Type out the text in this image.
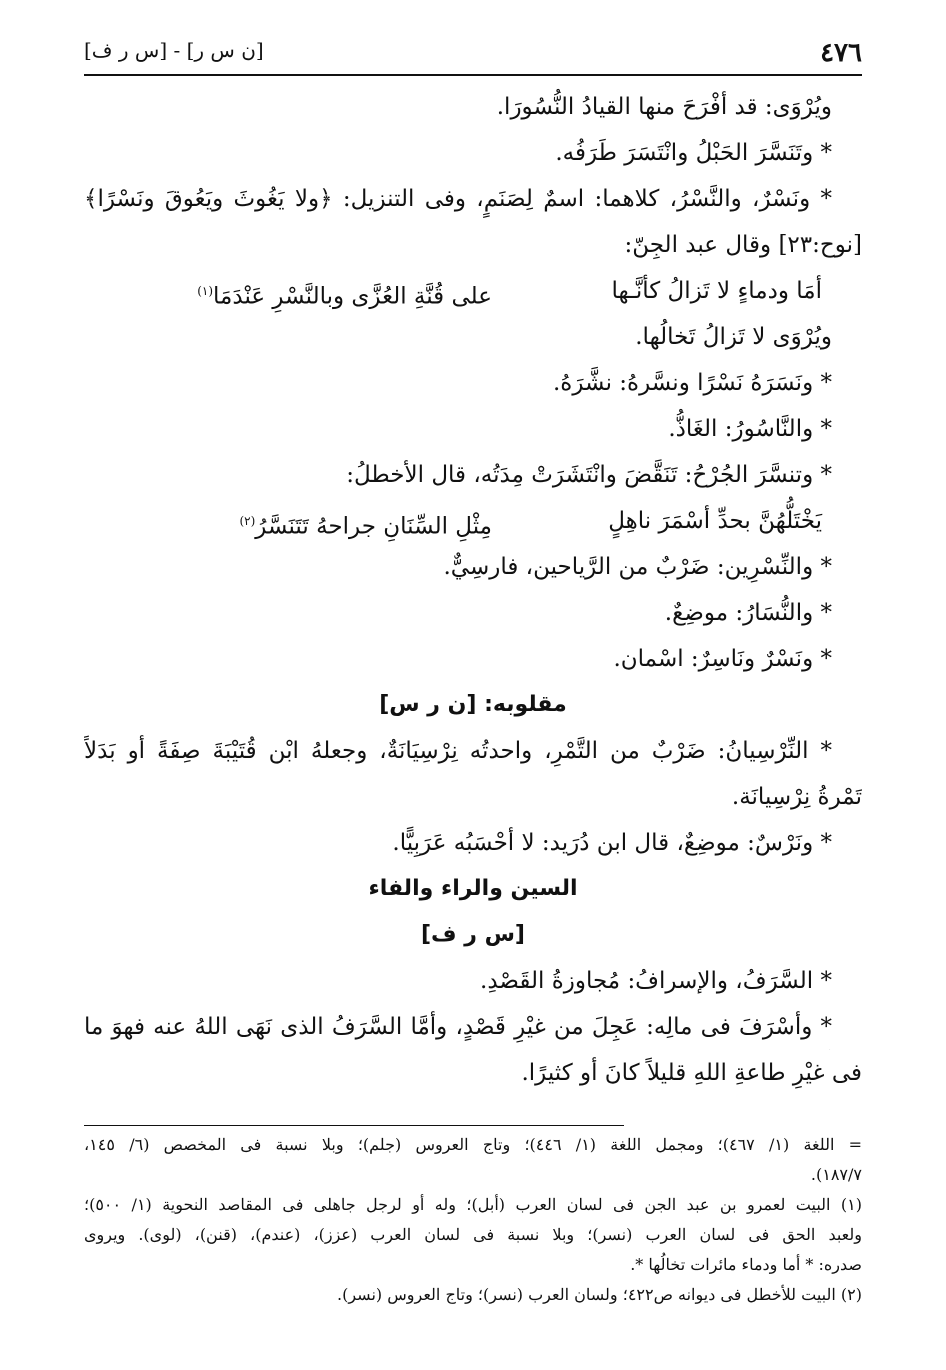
٤٧٦
[ن س ر] - [س ر ف]
ويُرْوَى: قد أفْرَحَ منها القيادُ النُّسُورَا.
* وتَنَسَّرَ الحَبْلُ وانْتَسَرَ طَرَفُه.
* ونَسْرٌ، والنَّسْرُ، كلاهما: اسمٌ لِصَنَمٍ، وفى التنزيل: ﴿ولا يَغُوثَ ويَعُوقَ ونَسْرًا﴾
[نوح:٢٣] وقال عبد الجِنّ:
أمَا ودماءٍ لا تَزالُ كأنَّـها
على قُنَّةِ العُزَّى وبالنَّسْرِ عَنْدَمَا$^{(١)}$
ويُرْوَى لا تَزالُ تَخالُها.
* ونَسَرَهُ نَسْرًا ونسَّرهُ: نشَّرَهُ.
* والنَّاسُورُ: الغَاذُّ.
* وتنسَّرَ الجُرْحُ: تَنَقَّضَ وانْتَشَرَتْ مِدَتُه، قال الأخطلُ:
يَخْتَلُّهُنَّ بحدِّ أسْمَرَ ناهِلٍ
مِثْلِ السِّنَانِ جراحهُ تَتَنَسَّرُ$^{(٢)}$
* والنِّسْرِين: ضَرْبٌ من الرَّياحين، فارسِيٌّ.
* والنُّسَارُ: موضِعٌ.
* ونَسْرٌ ونَاسِرٌ: اسْمان.
مقلوبه: [ن ر س]
* النِّرْسِيانُ: ضَرْبٌ من التَّمْرِ، واحدتُه نِرْسِيَانَةٌ، وجعلهُ ابْن قُتَيْبَةَ صِفَةً أو بَدَلاً
تَمْرةُ نِرْسِيانَة.
* ونَرْسٌ: موضِعٌ، قال ابن دُرَيد: لا أحْسَبُه عَرَبِيًّا.
السين والراء والفاء
[س ر ف]
* السَّرَفُ، والإسرافُ: مُجاوزةُ القَصْدِ.
* وأسْرَفَ فى مالِه: عَجِلَ من غيْرِ قَصْدٍ، وأمَّا السَّرَفُ الذى نَهَى اللهُ عنه فهوَ ما
فى غيْرِ طاعةِ اللهِ قليلاً كانَ أو كثيرًا.
= اللغة (١/ ٤٦٧)؛ ومجمل اللغة (١/ ٤٤٦)؛ وتاج العروس (جلم)؛ وبلا نسبة فى المخصص (٦/ ١٤٥،
١٨٧/٧).
(١) البيت لعمرو بن عبد الجن فى لسان العرب (أبل)؛ وله أو لرجل جاهلى فى المقاصد النحوية (١/ ٥٠٠)؛
ولعبد الحق فى لسان العرب (نسر)؛ وبلا نسبة فى لسان العرب (عزز)، (عندم)، (قنن)، (لوى). ويروى
صدره: * أما ودماء مائرات تخالُها *.
(٢) البيت للأخطل فى ديوانه ص٤٢٢؛ ولسان العرب (نسر)؛ وتاج العروس (نسر).
